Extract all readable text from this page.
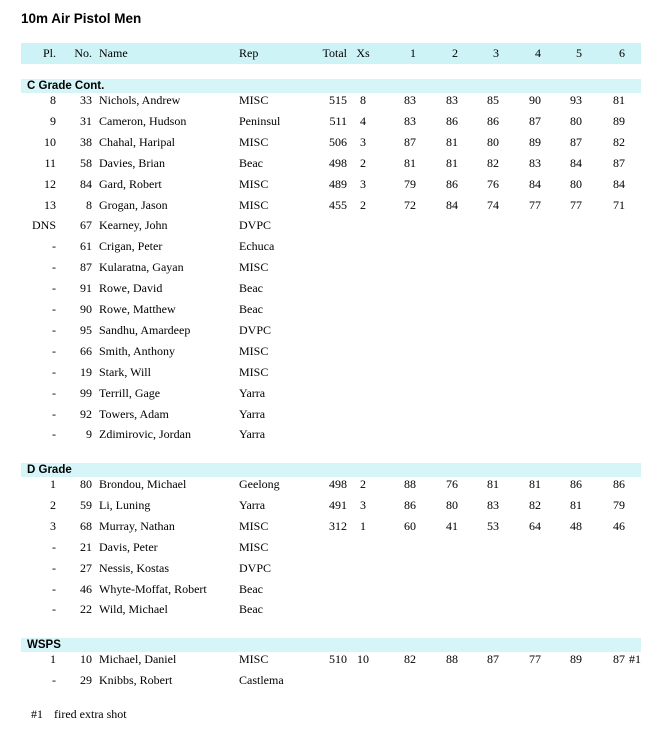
10m Air Pistol Men
Pl. No. Name	Rep	Total Xs	1	2	3	4	5	6
C Grade Cont.
8 33 Nichols, Andrew	MISC	515	8	83	83 85	90 93	81
9 31 Cameron, Hudson	Peninsul	511	4	83	86 86	87 80	89
10 38 Chahal, Haripal	MISC	506	3	87	81 80	89 87	82
11 58 Davies, Brian	Beac	498	2	81	81 82	83 84	87
12 84 Gard, Robert	MISC	489	3	79	86 76	84 80	84
13	8 Grogan, Jason	MISC	455	2	72	84 74	77 77	71
DNS 67 Kearney, John	DVPC
- 61 Crigan, Peter	Echuca
- 87 Kularatna, Gayan	MISC
- 91 Rowe, David	Beac
- 90 Rowe, Matthew	Beac
- 95 Sandhu, Amardeep	DVPC
- 66 Smith, Anthony	MISC
- 19 Stark, Will	MISC
- 99 Terrill, Gage	Yarra
- 92 Towers, Adam	Yarra
-	9 Zdimirovic, Jordan	Yarra
D Grade
1 80 Brondou, Michael	Geelong	498	2	88	76 81	81 86	86
2 59 Li, Luning	Yarra	491	3	86	80 83	82 81	79
3 68 Murray, Nathan	MISC	312	1	60	41 53	64 48	46
- 21 Davis, Peter	MISC
- 27 Nessis, Kostas	DVPC
- 46 Whyte-Moffat, Robert	Beac
- 22 Wild, Michael	Beac
WSPS
1 10 Michael, Daniel	MISC	510 10	82	88 87	77 89	87 #1
- 29 Knibbs, Robert	Castlema
#1 fired extra shot
